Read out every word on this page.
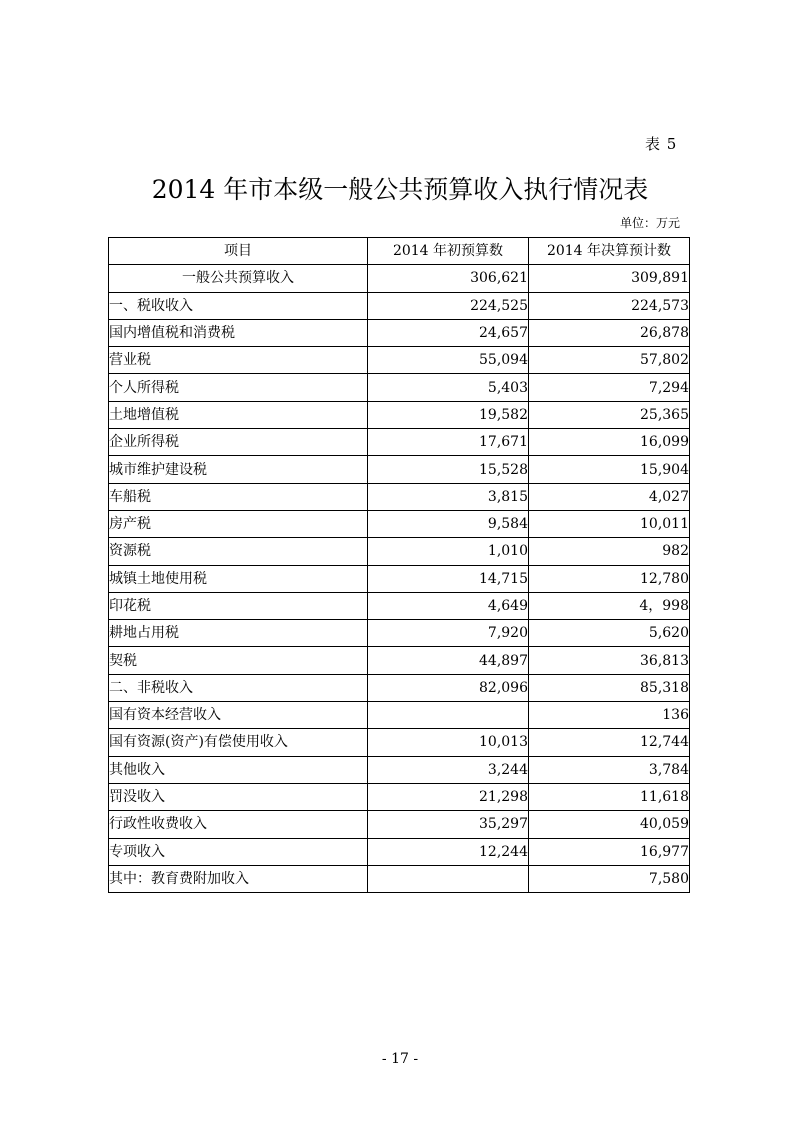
表 5
2014 年市本级一般公共预算收入执行情况表
单位：万元
项目	2014 年初预算数	2014 年决算预计数
一般公共预算收入	306,621	309,891
一、税收收入	224,525	224,573
国内增值税和消费税	24,657	26,878
营业税	55,094	57,802
个人所得税	5,403	7,294
土地增值税	19,582	25,365
企业所得税	17,671	16,099
城市维护建设税	15,528	15,904
车船税	3,815	4,027
房产税	9,584	10,011
资源税	1,010	982
城镇土地使用税	14,715	12,780
印花税	4,649	4，998
耕地占用税	7,920	5,620
契税	44,897	36,813
二、非税收入	82,096	85,318
国有资本经营收入		136
国有资源(资产)有偿使用收入	10,013	12,744
其他收入	3,244	3,784
罚没收入	21,298	11,618
行政性收费收入	35,297	40,059
专项收入	12,244	16,977
其中：教育费附加收入		7,580
- 17 -
